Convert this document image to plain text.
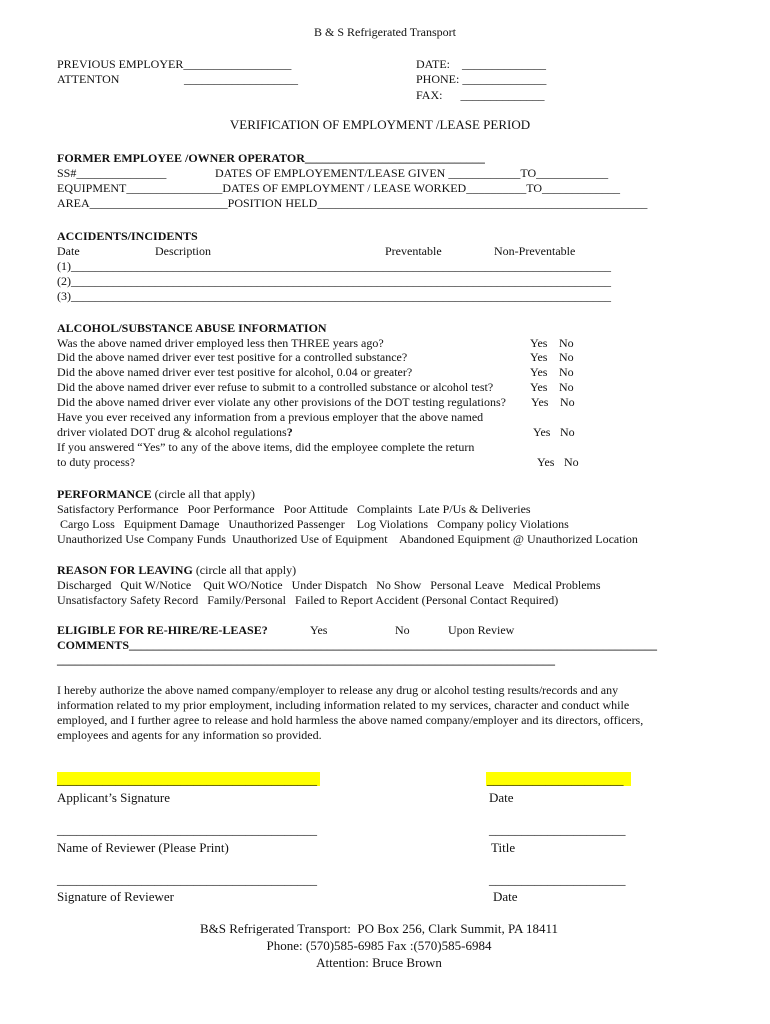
B & S Refrigerated Transport
PREVIOUS EMPLOYER__________________
ATTENTON	___________________
DATE:    ______________
PHONE: ______________
FAX:      ______________
VERIFICATION OF EMPLOYMENT /LEASE PERIOD
FORMER EMPLOYEE /OWNER OPERATOR______________________________
SS#_______________	DATES OF EMPLOYEMENT/LEASE GIVEN ____________TO____________
EQUIPMENT________________DATES OF EMPLOYMENT / LEASE WORKED__________TO_____________
AREA_______________________POSITION HELD_______________________________________________________
ACCIDENTS/INCIDENTS
Date	Description	Preventable	Non-Preventable
(1)__________________________________________________________________________________________
(2)__________________________________________________________________________________________
(3)__________________________________________________________________________________________
ALCOHOL/SUBSTANCE ABUSE INFORMATION
Was the above named driver employed less then THREE years ago?	Yes No
Did the above named driver ever test positive for a controlled substance?	Yes No
Did the above named driver ever test positive for alcohol, 0.04 or greater?	Yes No
Did the above named driver ever refuse to submit to a controlled substance or alcohol test?	Yes No
Did the above named driver ever violate any other provisions of the DOT testing regulations? Yes No
Have you ever received any information from a previous employer that the above named
driver violated DOT drug & alcohol regulations?	Yes No
If you answered “Yes” to any of the above items, did the employee complete the return
to duty process?	Yes No
PERFORMANCE (circle all that apply)
Satisfactory Performance   Poor Performance   Poor Attitude   Complaints  Late P/Us & Deliveries
Cargo Loss   Equipment Damage   Unauthorized Passenger    Log Violations   Company policy Violations
Unauthorized Use Company Funds  Unauthorized Use of Equipment    Abandoned Equipment @ Unauthorized Location
REASON FOR LEAVING (circle all that apply)
Discharged   Quit W/Notice    Quit WO/Notice   Under Dispatch   No Show   Personal Leave   Medical Problems
Unsatisfactory Safety Record   Family/Personal   Failed to Report Accident (Personal Contact Required)
ELIGIBLE FOR RE-HIRE/RE-LEASE?	Yes	No	Upon Review
COMMENTS________________________________________________________________________________________
___________________________________________________________________________________
I hereby authorize the above named company/employer to release any drug or alcohol testing results/records and any
information related to my prior employment, including information related to my services, character and conduct while
employed, and I further agree to release and hold harmless the above named company/employer and its directors, officers,
employees and agents for any information so provided.
________________________________________	_____________________
Applicant’s Signature	Date
________________________________________	_____________________
Name of Reviewer (Please Print)	Title
________________________________________	_____________________
Signature of Reviewer	Date
B&S Refrigerated Transport:  PO Box 256, Clark Summit, PA 18411
Phone: (570)585-6985 Fax :(570)585-6984
Attention: Bruce Brown
